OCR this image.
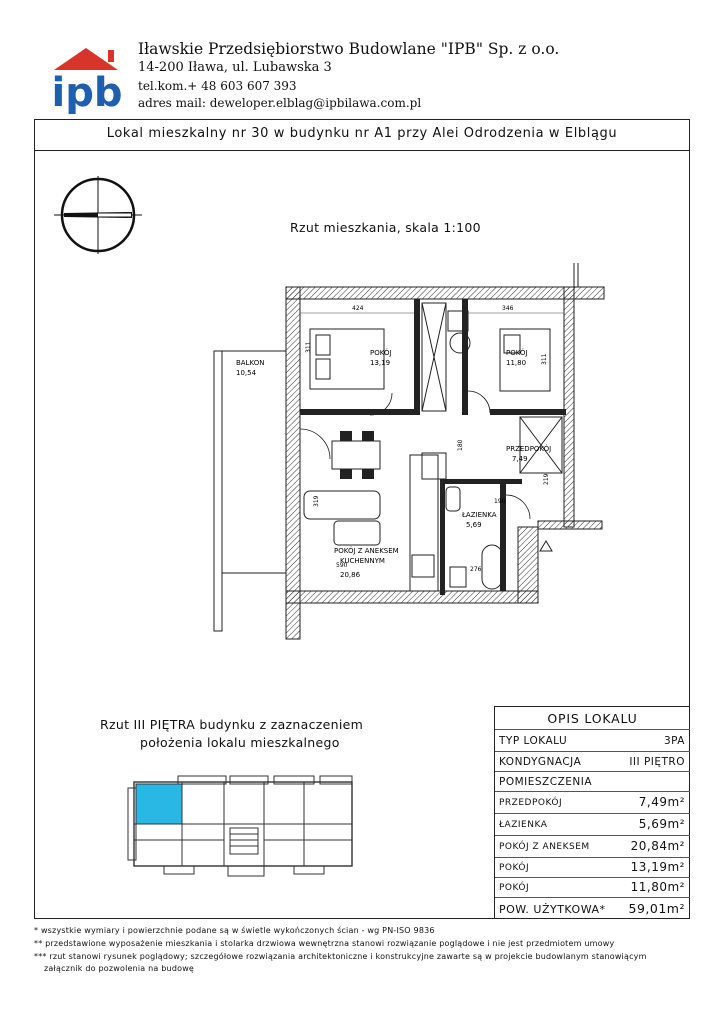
ipb
Iławskie Przedsiębiorstwo Budowlane "IPB" Sp. z o.o.
14-200 Iława, ul. Lubawska 3
tel.kom.+ 48 603 607 393
adres mail: deweloper.elblag@ipbilawa.com.pl
Lokal mieszkalny nr 30 w budynku nr A1 przy Alei Odrodzenia w Elblągu
Rzut mieszkania, skala 1:100
BALKON
10,54
POKÓJ
13,19
POKÓJ
11,80
PRZEDPOKÓJ
7,49
ŁAZIENKA
5,69
POKÓJ Z ANEKSEM
KUCHENNYM
20,86
424	346
311
311
180
219
319	190
590
276
Rzut III PIĘTRA budynku z zaznaczeniem
położenia lokalu mieszkalnego
OPIS LOKALU
TYP LOKALU	3PA
KONDYGNACJA	III PIĘTRO
POMIESZCZENIA
PRZEDPOKÓJ	7,49m²
ŁAZIENKA	5,69m²
POKÓJ Z ANEKSEM	20,84m²
POKÓJ	13,19m²
POKÓJ	11,80m²
POW. UŻYTKOWA* 59,01m²
* wszystkie wymiary i powierzchnie podane są w świetle wykończonych ścian - wg PN-ISO 9836
** przedstawione wyposażenie mieszkania i stolarka drzwiowa wewnętrzna stanowi rozwiązanie poglądowe i nie jest przedmiotem umowy
*** rzut stanowi rysunek poglądowy; szczegółowe rozwiązania architektoniczne i konstrukcyjne zawarte są w projekcie budowlanym stanowiącym
załącznik do pozwolenia na budowę
